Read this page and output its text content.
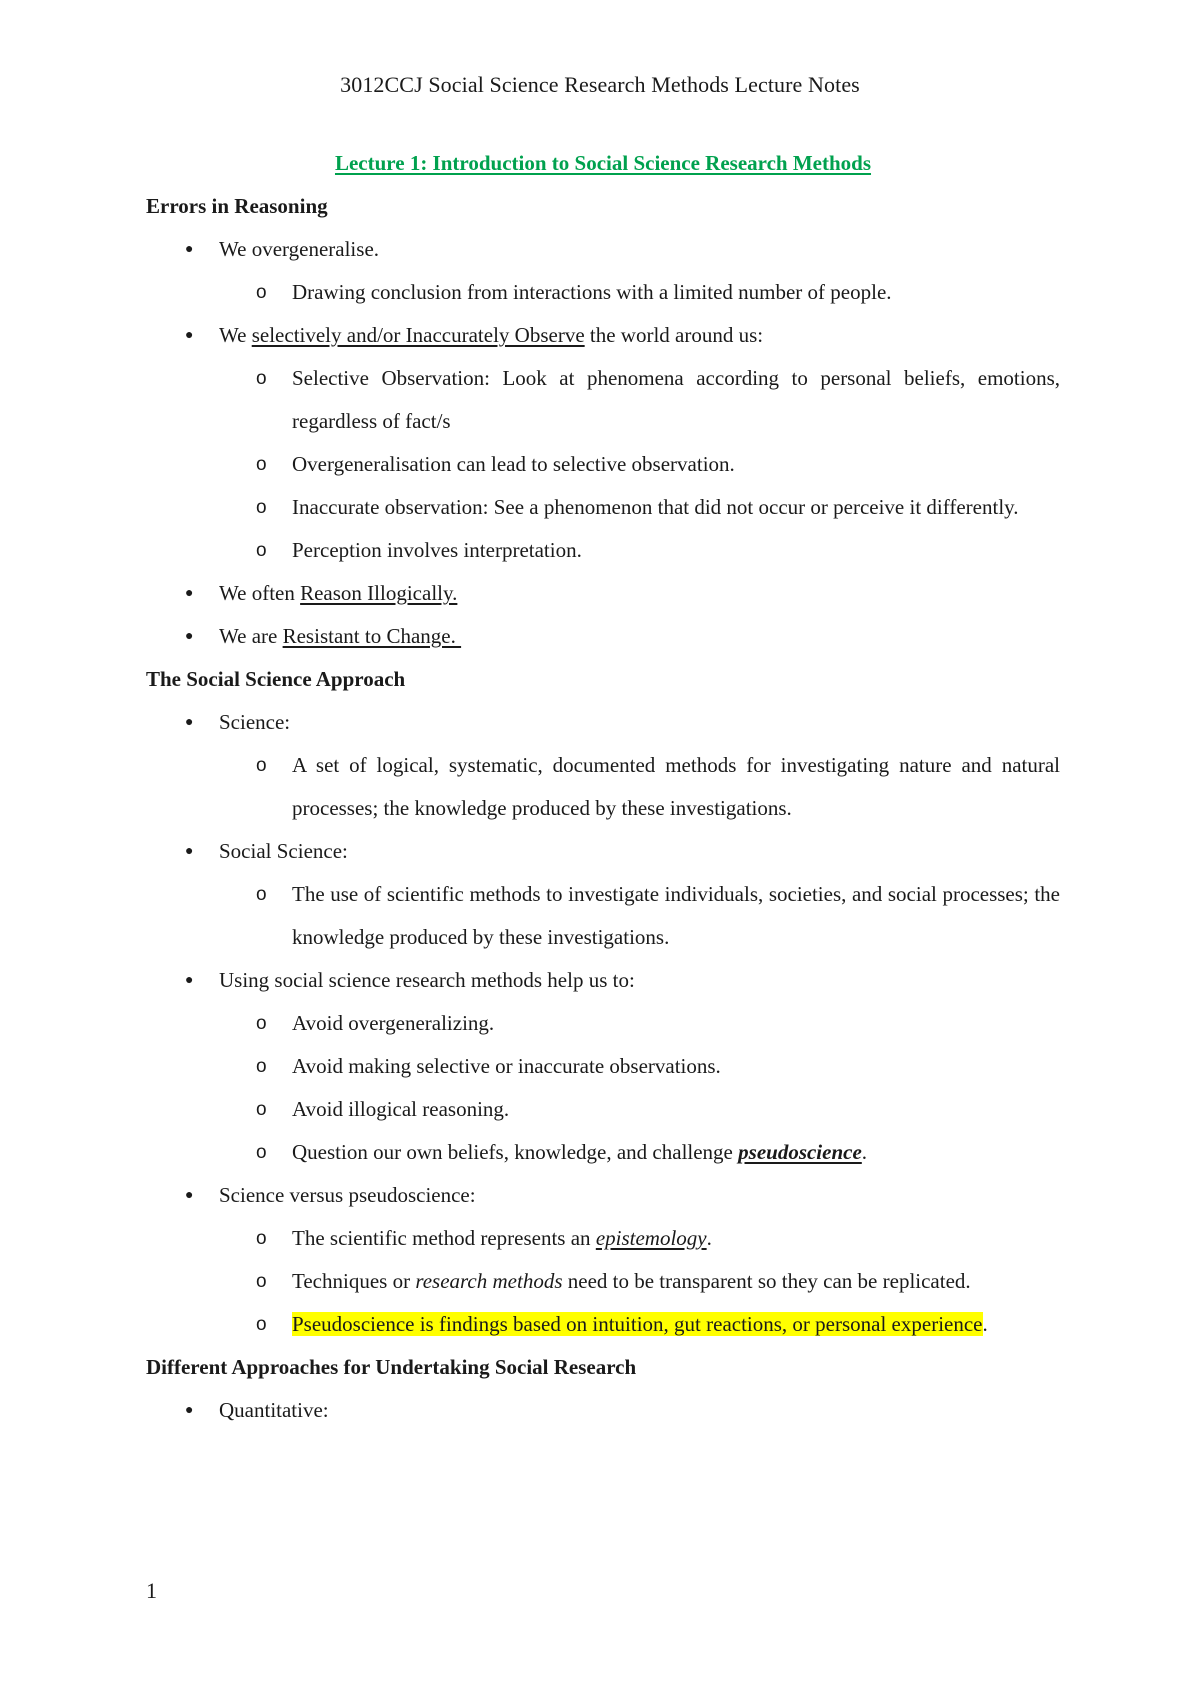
3012CCJ Social Science Research Methods Lecture Notes
Lecture 1: Introduction to Social Science Research Methods
Errors in Reasoning
● We overgeneralise.
o Drawing conclusion from interactions with a limited number of people.
● We selectively and/or Inaccurately Observe the world around us:
o Selective Observation: Look at phenomena according to personal beliefs, emotions, regardless of fact/s
o Overgeneralisation can lead to selective observation.
o Inaccurate observation: See a phenomenon that did not occur or perceive it differently.
o Perception involves interpretation.
● We often Reason Illogically.
● We are Resistant to Change.
The Social Science Approach
● Science:
o A set of logical, systematic, documented methods for investigating nature and natural processes; the knowledge produced by these investigations.
● Social Science:
o The use of scientific methods to investigate individuals, societies, and social processes; the knowledge produced by these investigations.
● Using social science research methods help us to:
o Avoid overgeneralizing.
o Avoid making selective or inaccurate observations.
o Avoid illogical reasoning.
o Question our own beliefs, knowledge, and challenge pseudoscience.
● Science versus pseudoscience:
o The scientific method represents an epistemology.
o Techniques or research methods need to be transparent so they can be replicated.
o Pseudoscience is findings based on intuition, gut reactions, or personal experience.
Different Approaches for Undertaking Social Research
● Quantitative:
1
